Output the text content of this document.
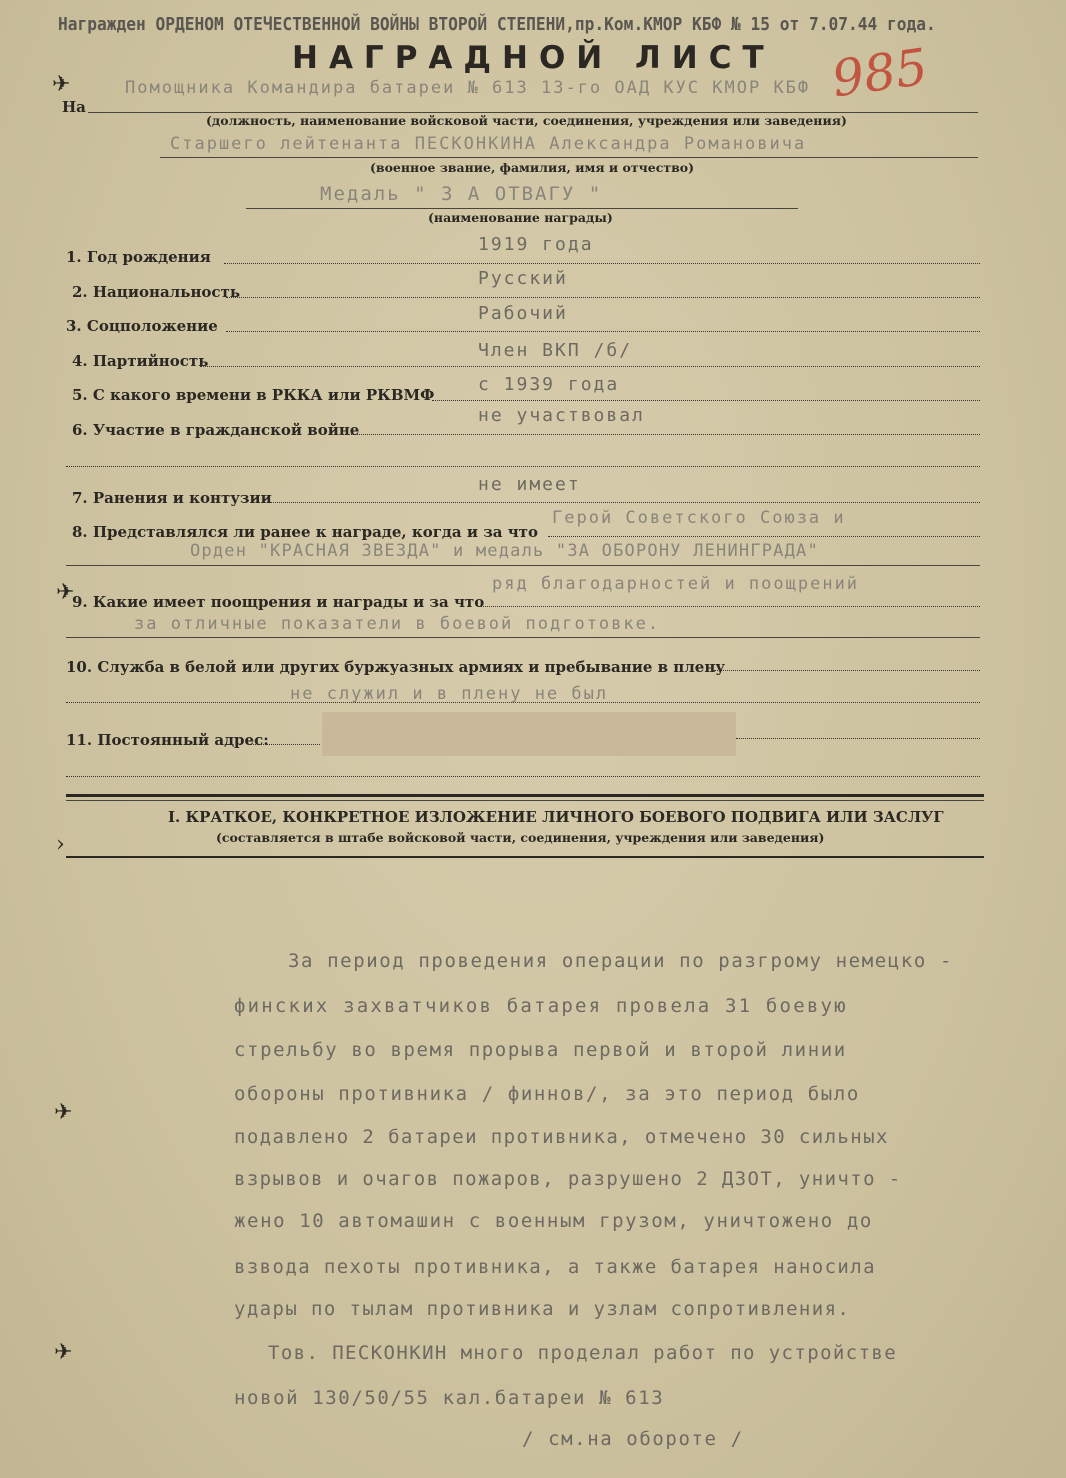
Награжден ОРДЕНОМ ОТЕЧЕСТВЕННОЙ ВОЙНЫ ВТОРОЙ СТЕПЕНИ,пр.Ком.КМОР КБФ № 15 от 7.07.44 года.
НАГРАДНОЙ ЛИСТ 985
✈
На
Помощника Командира батареи № 613 13-го ОАД КУС КМОР КБФ
(должность, наименование войсковой части, соединения, учреждения или заведения)
Старшего лейтенанта ПЕСКОНКИНА Александра Романовича
(военное звание, фамилия, имя и отчество)
Медаль " З А ОТВАГУ "
(наименование награды)
1. Год рождения
1919 года
2. Национальность
Русский
3. Соцположение
Рабочий
4. Партийность	Член ВКП /б/
5. С какого времени в РККА или РКВМФ с 1939 года
6. Участие в гражданской войне
не участвовал
7. Ранения и контузии
не имеет
8. Представлялся ли ранее к награде, когда и за что
Герой Советского Союза и
Орден "КРАСНАЯ ЗВЕЗДА" и медаль "ЗА ОБОРОНУ ЛЕНИНГРАДА"
✈
9. Какие имеет поощрения и награды и за что
ряд благодарностей и поощрений
за отличные показатели в боевой подготовке.
10. Служба в белой или других буржуазных армиях и пребывание в плену
не служил и в плену не был
11. Постоянный адрес:
I. КРАТКОЕ, КОНКРЕТНОЕ ИЗЛОЖЕНИЕ ЛИЧНОГО БОЕВОГО ПОДВИГА ИЛИ ЗАСЛУГ
(составляется в штабе войсковой части, соединения, учреждения или заведения)
›
За период проведения операции по разгрому немецко -
финских захватчиков батарея провела 31 боевую
стрельбу во время прорыва первой и второй линии
обороны противника / финнов/, за это период было
подавлено 2 батареи противника, отмечено 30 сильных
взрывов и очагов пожаров, разрушено 2 ДЗОТ, уничто -
жено 10 автомашин с военным грузом, уничтожено до
взвода пехоты противника, а также батарея наносила
удары по тылам противника и узлам сопротивления.
Тов. ПЕСКОНКИН много проделал работ по устройстве
новой 130/50/55 кал.батареи № 613
/ см.на обороте /
✈
✈
